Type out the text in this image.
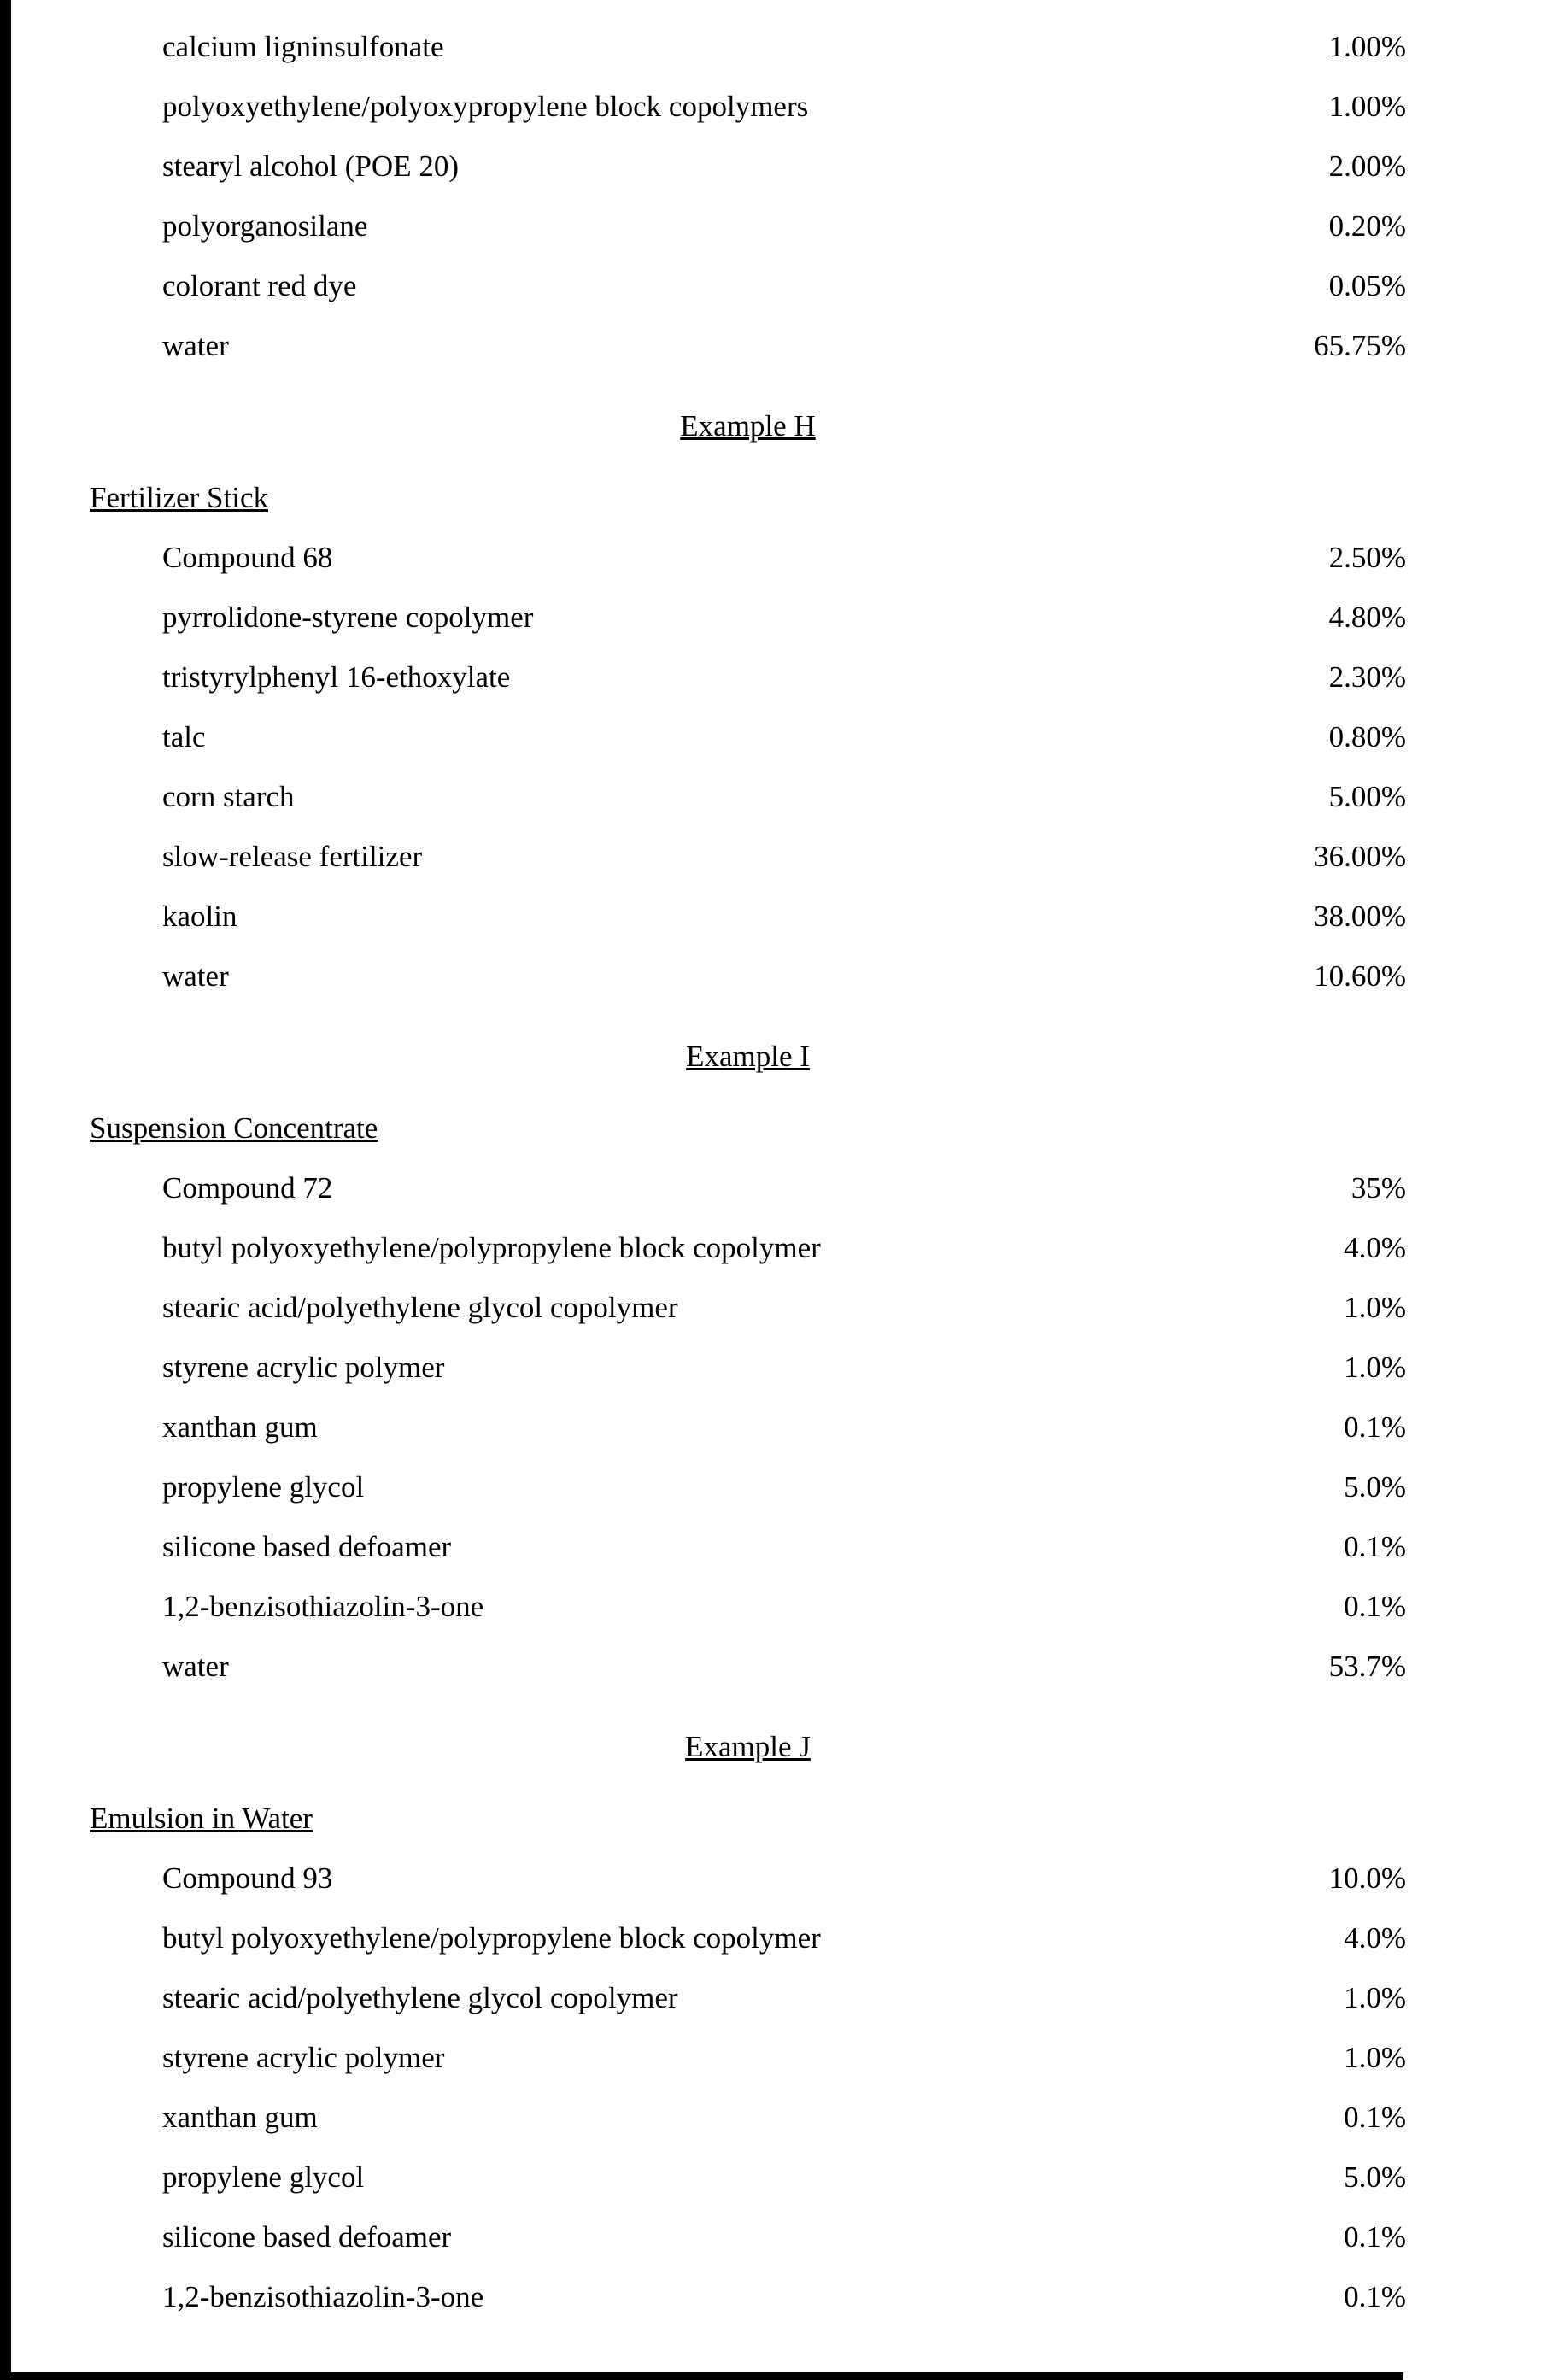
calcium ligninsulfonate	1.00%
polyoxyethylene/polyoxypropylene block copolymers	1.00%
stearyl alcohol (POE 20)	2.00%
polyorganosilane	0.20%
colorant red dye	0.05%
water	65.75%
Example H
Fertilizer Stick
Compound 68	2.50%
pyrrolidone-styrene copolymer	4.80%
tristyrylphenyl 16-ethoxylate	2.30%
talc	0.80%
corn starch	5.00%
slow-release fertilizer	36.00%
kaolin	38.00%
water	10.60%
Example I
Suspension Concentrate
Compound 72	35%
butyl polyoxyethylene/polypropylene block copolymer	4.0%
stearic acid/polyethylene glycol copolymer	1.0%
styrene acrylic polymer	1.0%
xanthan gum	0.1%
propylene glycol	5.0%
silicone based defoamer	0.1%
1,2-benzisothiazolin-3-one	0.1%
water	53.7%
Example J
Emulsion in Water
Compound 93	10.0%
butyl polyoxyethylene/polypropylene block copolymer	4.0%
stearic acid/polyethylene glycol copolymer	1.0%
styrene acrylic polymer	1.0%
xanthan gum	0.1%
propylene glycol	5.0%
silicone based defoamer	0.1%
1,2-benzisothiazolin-3-one	0.1%
